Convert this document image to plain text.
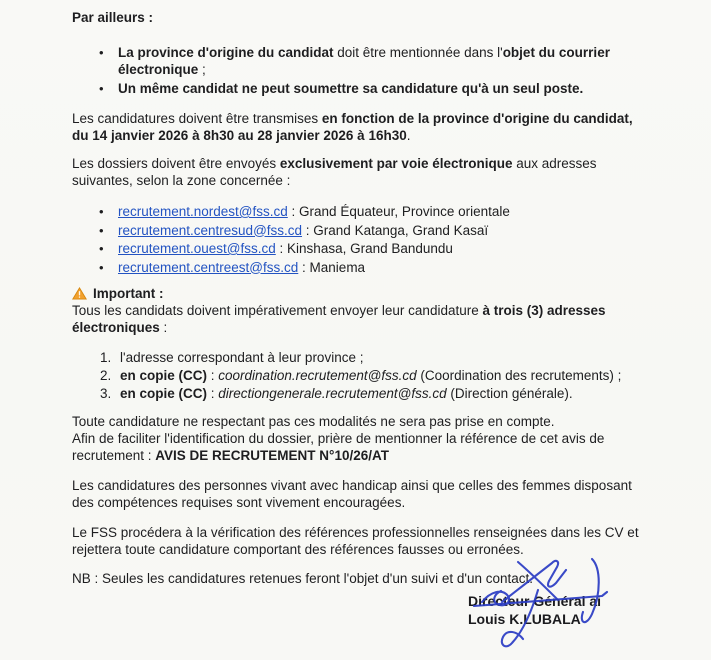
Par ailleurs :

• La province d'origine du candidat doit être mentionnée dans l'objet du courrier
électronique ;
• Un même candidat ne peut soumettre sa candidature qu'à un seul poste.

Les candidatures doivent être transmises en fonction de la province d'origine du candidat,
du 14 janvier 2026 à 8h30 au 28 janvier 2026 à 16h30.

Les dossiers doivent être envoyés exclusivement par voie électronique aux adresses
suivantes, selon la zone concernée :

• recrutement.nordest@fss.cd : Grand Équateur, Province orientale
• recrutement.centresud@fss.cd : Grand Katanga, Grand Kasaï
• recrutement.ouest@fss.cd : Kinshasa, Grand Bandundu
• recrutement.centreest@fss.cd : Maniema
Important :

Tous les candidats doivent impérativement envoyer leur candidature à trois (3) adresses
électroniques :

1. l'adresse correspondant à leur province ;
2. en copie (CC) : coordination.recrutement@fss.cd (Coordination des recrutements) ;
3. en copie (CC) : directiongenerale.recrutement@fss.cd (Direction générale).

Toute candidature ne respectant pas ces modalités ne sera pas prise en compte.
Afin de faciliter l'identification du dossier, prière de mentionner la référence de cet avis de
recrutement : AVIS DE RECRUTEMENT N°10/26/AT

Les candidatures des personnes vivant avec handicap ainsi que celles des femmes disposant
des compétences requises sont vivement encouragées.

Le FSS procédera à la vérification des références professionnelles renseignées dans les CV et
rejettera toute candidature comportant des références fausses ou erronées.

NB : Seules les candidatures retenues feront l'objet d'un suivi et d'un contact.

Directeur Général ai
Louis K.LUBALA
